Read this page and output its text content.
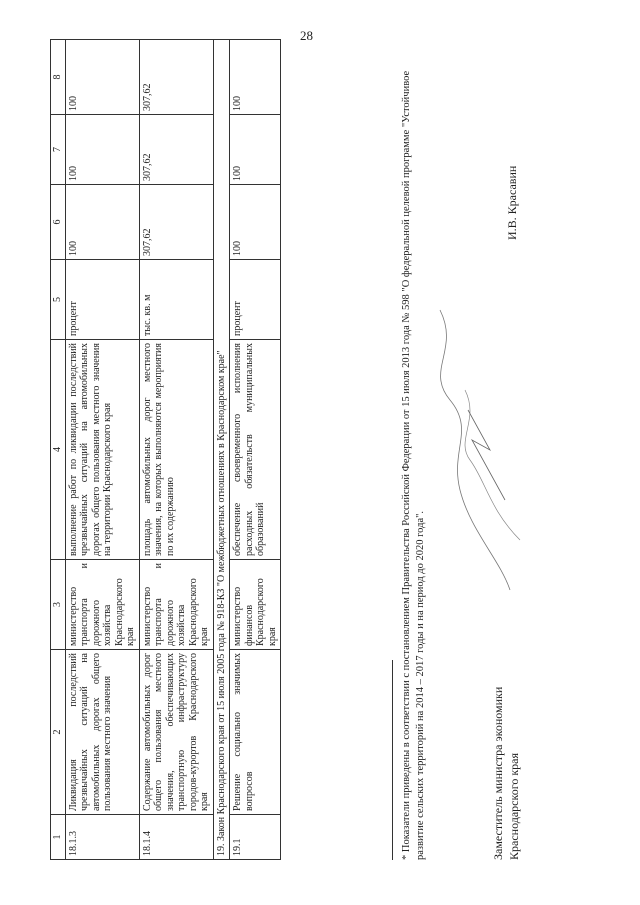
28
1	2	3	4	5	6	7	8
18.1.3	Ликвидация последствий чрезвычайных ситуаций на автомобильных дорогах общего пользования местного значения	министерство транспорта и дорожного хозяйства Краснодарского края	выполнение работ по ликвидации последствий чрезвычайных ситуаций на автомобильных дорогах общего пользования местного значения на территории Краснодарского края	процент	100	100	100
18.1.4	Содержание автомобильных дорог общего пользования местного значения, обеспечивающих транспортную инфраструктуру городов-курортов Краснодарского края	министерство транспорта и дорожного хозяйства Краснодарского края	площадь автомобильных дорог местного значения, на которых выполняются мероприятия по их содержанию	тыс. кв. м	307,62	307,62	307,62
19. Закон Краснодарского края от 15 июля 2005 года № 918-КЗ "О межбюджетных отношениях в Краснодарском крае"							
19.1	Решение социально значимых вопросов	министерство финансов Краснодарского края	обеспечение своевременного исполнения расходных обязательств муниципальных образований	процент	100	100	100	* Показатели приведены в соответствии с постановлением Правительства Российской Федерации от 15 июля 2013 года № 598 "О федеральной целевой программе "Устойчивое развитие сельских территорий на 2014 – 2017 годы и на период до 2020 года".	Заместитель министра экономики Краснодарского края
И.В. Красавин
